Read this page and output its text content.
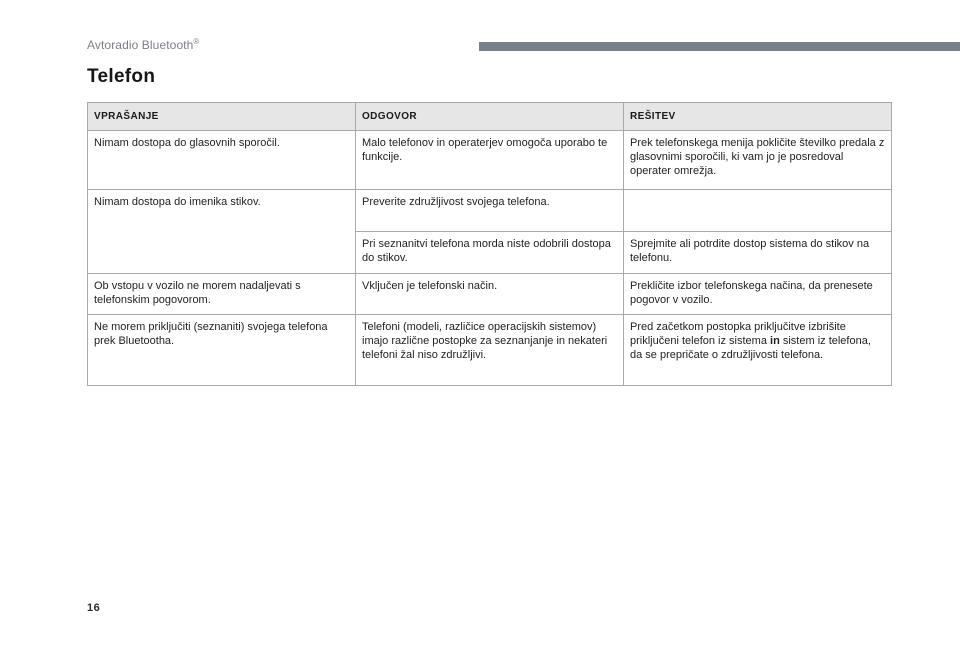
Avtoradio Bluetooth®
Telefon
VPRAŠANJE	ODGOVOR	REŠITEV
Nimam dostopa do glasovnih sporočil.	Malo telefonov in operaterjev omogoča uporabo te funkcije.	Prek telefonskega menija pokličite številko predala z glasovnimi sporočili, ki vam jo je posredoval operater omrežja.
Nimam dostopa do imenika stikov.	Preverite združljivost svojega telefona.	
	Pri seznanitvi telefona morda niste odobrili dostopa do stikov.	Sprejmite ali potrdite dostop sistema do stikov na telefonu.
Ob vstopu v vozilo ne morem nadaljevati s telefonskim pogovorom.	Vključen je telefonski način.	Prekličite izbor telefonskega načina, da prenesete pogovor v vozilo.
Ne morem priključiti (seznaniti) svojega telefona prek Bluetootha.	Telefoni (modeli, različice operacijskih sistemov) imajo različne postopke za seznanjanje in nekateri telefoni žal niso združljivi.	Pred začetkom postopka priključitve izbrišite priključeni telefon iz sistema in sistem iz telefona, da se prepričate o združljivosti telefona.
16
